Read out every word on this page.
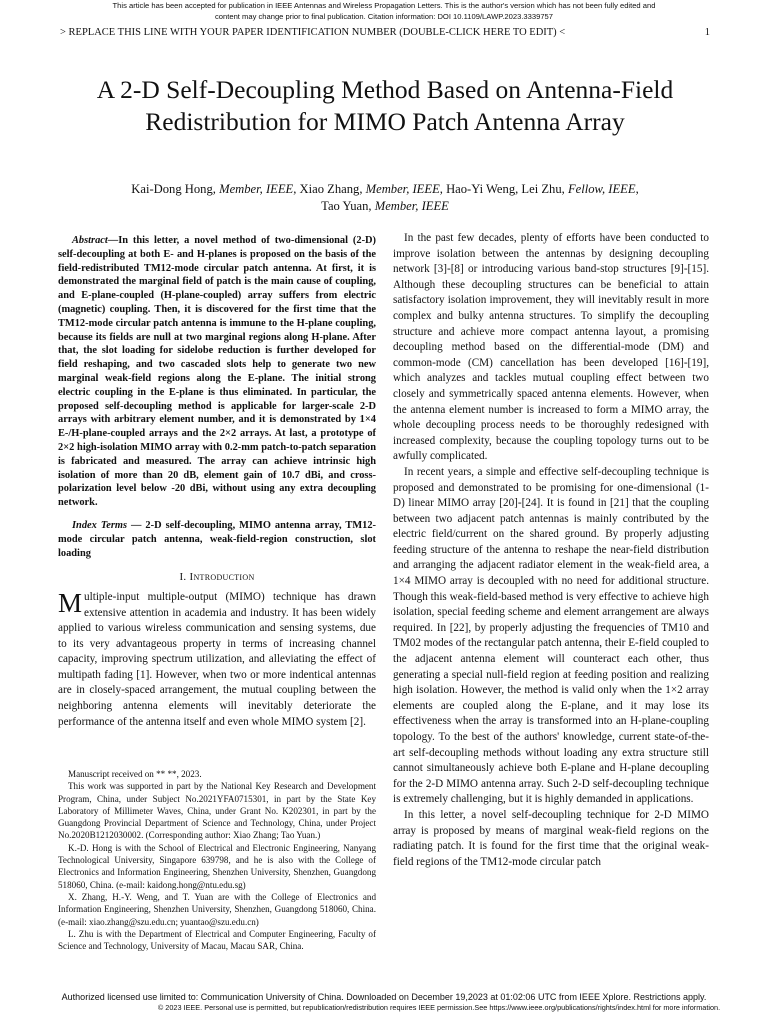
This article has been accepted for publication in IEEE Antennas and Wireless Propagation Letters. This is the author's version which has not been fully edited and
content may change prior to final publication. Citation information: DOI 10.1109/LAWP.2023.3339757
> REPLACE THIS LINE WITH YOUR PAPER IDENTIFICATION NUMBER (DOUBLE-CLICK HERE TO EDIT) <	1
A 2-D Self-Decoupling Method Based on Antenna-Field Redistribution for MIMO Patch Antenna Array
Kai-Dong Hong, Member, IEEE, Xiao Zhang, Member, IEEE, Hao-Yi Weng, Lei Zhu, Fellow, IEEE,
Tao Yuan, Member, IEEE

Abstract—In this letter, a novel method of two-dimensional (2-D) self-decoupling at both E- and H-planes is proposed on the basis of the field-redistributed TM12-mode circular patch antenna. At first, it is demonstrated the marginal field of patch is the main cause of coupling, and E-plane-coupled (H-plane-coupled) array suffers from electric (magnetic) coupling. Then, it is discovered for the first time that the TM12-mode circular patch antenna is immune to the H-plane coupling, because its fields are null at two marginal regions along H-plane. After that, the slot loading for sidelobe reduction is further developed for field reshaping, and two cascaded slots help to generate two new marginal weak-field regions along the E-plane. The initial strong electric coupling in the E-plane is thus eliminated. In particular, the proposed self-decoupling method is applicable for larger-scale 2-D arrays with arbitrary element number, and it is demonstrated by 1×4 E-/H-plane-coupled arrays and the 2×2 arrays. At last, a prototype of 2×2 high-isolation MIMO array with 0.2-mm patch-to-patch separation is fabricated and measured. The array can achieve intrinsic high isolation of more than 20 dB, element gain of 10.7 dBi, and cross-polarization level below -20 dBi, without using any extra decoupling network.

Index Terms — 2-D self-decoupling, MIMO antenna array, TM12-mode circular patch antenna, weak-field-region construction, slot loading

I. Introduction

Multiple-input multiple-output (MIMO) technique has drawn extensive attention in academia and industry. It has been widely applied to various wireless communication and sensing systems, due to its very advantageous property in terms of increasing channel capacity, improving spectrum utilization, and alleviating the effect of multipath fading [1]. However, when two or more indentical antennas are in closely-spaced arrangement, the mutual coupling between the neighboring antenna elements will inevitably deteriorate the performance of the antenna itself and even whole MIMO system [2].

Manuscript received on ** **, 2023.

This work was supported in part by the National Key Research and Development Program, China, under Subject No.2021YFA0715301, in part by the State Key Laboratory of Millimeter Waves, China, under Grant No. K202301, in part by the Guangdong Provincial Department of Science and Technology, China, under Project No.2020B1212030002. (Corresponding author: Xiao Zhang; Tao Yuan.)

K.-D. Hong is with the School of Electrical and Electronic Engineering, Nanyang Technological University, Singapore 639798, and he is also with the College of Electronics and Information Engineering, Shenzhen University, Shenzhen, Guangdong 518060, China. (e-mail: kaidong.hong@ntu.edu.sg)

X. Zhang, H.-Y. Weng, and T. Yuan are with the College of Electronics and Information Engineering, Shenzhen University, Shenzhen, Guangdong 518060, China. (e-mail: xiao.zhang@szu.edu.cn; yuantao@szu.edu.cn)

L. Zhu is with the Department of Electrical and Computer Engineering, Faculty of Science and Technology, University of Macau, Macau SAR, China.

In the past few decades, plenty of efforts have been conducted to improve isolation between the antennas by designing decoupling network [3]-[8] or introducing various band-stop structures [9]-[15]. Although these decoupling structures can be beneficial to attain satisfactory isolation improvement, they will inevitably result in more complex and bulky antenna structures. To simplify the decoupling structure and achieve more compact antenna layout, a promising decoupling method based on the differential-mode (DM) and common-mode (CM) cancellation has been developed [16]-[19], which analyzes and tackles mutual coupling effect between two closely and symmetrically spaced antenna elements. However, when the antenna element number is increased to form a MIMO array, the whole decoupling process needs to be thoroughly redesigned with increased complexity, because the coupling topology turns out to be awfully complicated.

In recent years, a simple and effective self-decoupling technique is proposed and demonstrated to be promising for one-dimensional (1-D) linear MIMO array [20]-[24]. It is found in [21] that the coupling between two adjacent patch antennas is mainly contributed by the electric field/current on the shared ground. By properly adjusting feeding structure of the antenna to reshape the near-field distribution and arranging the adjacent radiator element in the weak-field area, a 1×4 MIMO array is decoupled with no need for additional structure. Though this weak-field-based method is very effective to achieve high isolation, special feeding scheme and element arrangement are always required. In [22], by properly adjusting the frequencies of TM10 and TM02 modes of the rectangular patch antenna, their E-field coupled to the adjacent antenna element will counteract each other, thus generating a special null-field region at feeding position and realizing high isolation. However, the method is valid only when the 1×2 array elements are coupled along the E-plane, and it may lose its effectiveness when the array is transformed into an H-plane-coupling topology. To the best of the authors' knowledge, current state-of-the-art self-decoupling methods without loading any extra structure still cannot simultaneously achieve both E-plane and H-plane decoupling for the 2-D MIMO antenna array. Such 2-D self-decoupling technique is extremely challenging, but it is highly demanded in applications.

In this letter, a novel self-decoupling technique for 2-D MIMO array is proposed by means of marginal weak-field regions on the radiating patch. It is found for the first time that the original weak-field regions of the TM12-mode circular patch

Authorized licensed use limited to: Communication University of China. Downloaded on December 19,2023 at 01:02:06 UTC from IEEE Xplore. Restrictions apply.
© 2023 IEEE. Personal use is permitted, but republication/redistribution requires IEEE permission.See https://www.ieee.org/publications/rights/index.html for more information.
